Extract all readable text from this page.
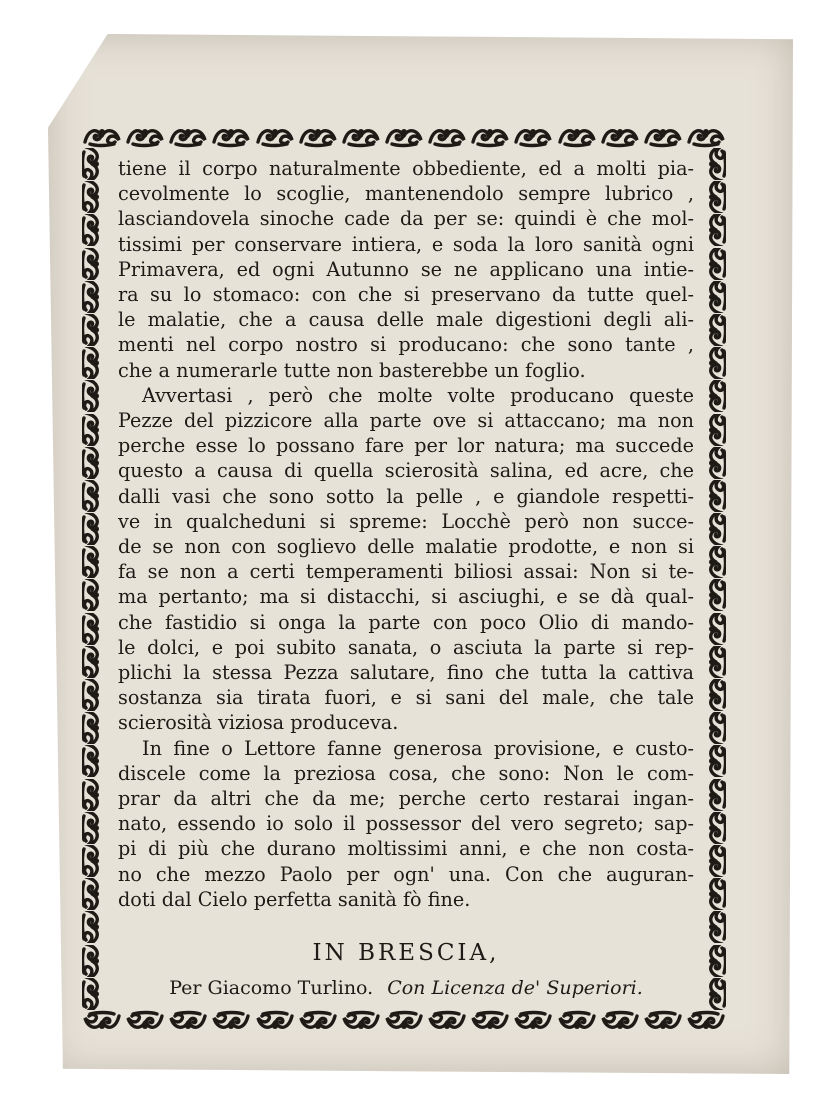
tiene il corpo naturalmente obbediente, ed a molti pia-
cevolmente lo scoglie, mantenendolo sempre lubrico ,
lasciandovela sinoche cade da per se: quindi è che mol-
tissimi per conservare intiera, e soda la loro sanità ogni
Primavera, ed ogni Autunno se ne applicano una intie-
ra su lo stomaco: con che si preservano da tutte quel-
le malatie, che a causa delle male digestioni degli ali-
menti nel corpo nostro si producano: che sono tante ,
che a numerarle tutte non basterebbe un foglio.
Avvertasi , però che molte volte producano queste
Pezze del pizzicore alla parte ove si attaccano; ma non
perche esse lo possano fare per lor natura; ma succede
questo a causa di quella scierosità salina, ed acre, che
dalli vasi che sono sotto la pelle , e giandole respetti-
ve in qualcheduni si spreme: Locchè però non succe-
de se non con soglievo delle malatie prodotte, e non si
fa se non a certi temperamenti biliosi assai: Non si te-
ma pertanto; ma si distacchi, si asciughi, e se dà qual-
che fastidio si onga la parte con poco Olio di mando-
le dolci, e poi subito sanata, o asciuta la parte si rep-
plichi la stessa Pezza salutare, fino che tutta la cattiva
sostanza sia tirata fuori, e si sani del male, che tale
scierosità viziosa produceva.
In fine o Lettore fanne generosa provisione, e custo-
discele come la preziosa cosa, che sono: Non le com-
prar da altri che da me; perche certo restarai ingan-
nato, essendo io solo il possessor del vero segreto; sap-
pi di più che durano moltissimi anni, e che non costa-
no che mezzo Paolo per ogn' una. Con che auguran-
doti dal Cielo perfetta sanità fò fine.
IN BRESCIA,
Per Giacomo Turlino. Con Licenza de' Superiori.
